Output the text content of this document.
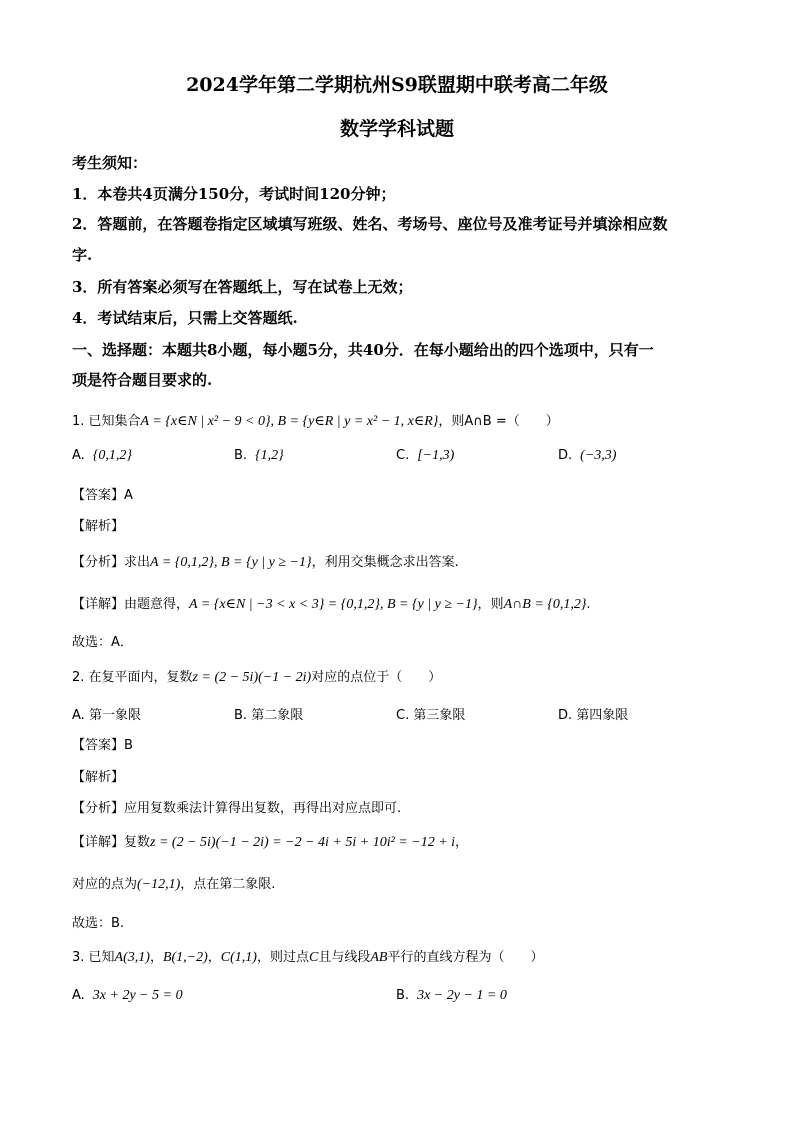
2024学年第二学期杭州S9联盟期中联考高二年级
数学学科试题
考生须知：
1．本卷共4页满分150分，考试时间120分钟；
2．答题前，在答题卷指定区域填写班级、姓名、考场号、座位号及准考证号并填涂相应数
字.
3．所有答案必须写在答题纸上，写在试卷上无效；
4．考试结束后，只需上交答题纸.
一、选择题：本题共8小题，每小题5分，共40分．在每小题给出的四个选项中，只有一
项是符合题目要求的.
1. 已知集合A = {x∈N | x² − 9 < 0}, B = {y∈R | y = x² − 1, x∈R}，则A∩B =（　　）
A. {0,1,2}	B. {1,2}	C. [−1,3)	D. (−3,3)
【答案】A
【解析】
【分析】求出A = {0,1,2}, B = {y | y ≥ −1}，利用交集概念求出答案.
【详解】由题意得，A = {x∈N | −3 < x < 3} = {0,1,2}, B = {y | y ≥ −1}，则A∩B = {0,1,2}.
故选：A．
2. 在复平面内，复数z = (2 − 5i)(−1 − 2i)对应的点位于（　　）
A. 第一象限	B. 第二象限	C. 第三象限	D. 第四象限
【答案】B
【解析】
【分析】应用复数乘法计算得出复数，再得出对应点即可.
【详解】复数z = (2 − 5i)(−1 − 2i) = −2 − 4i + 5i + 10i² = −12 + i，
对应的点为(−12,1)，点在第二象限.
故选：B.
3. 已知A(3,1)，B(1,−2)，C(1,1)，则过点C且与线段AB平行的直线方程为（　　）
A. 3x + 2y − 5 = 0	B. 3x − 2y − 1 = 0
